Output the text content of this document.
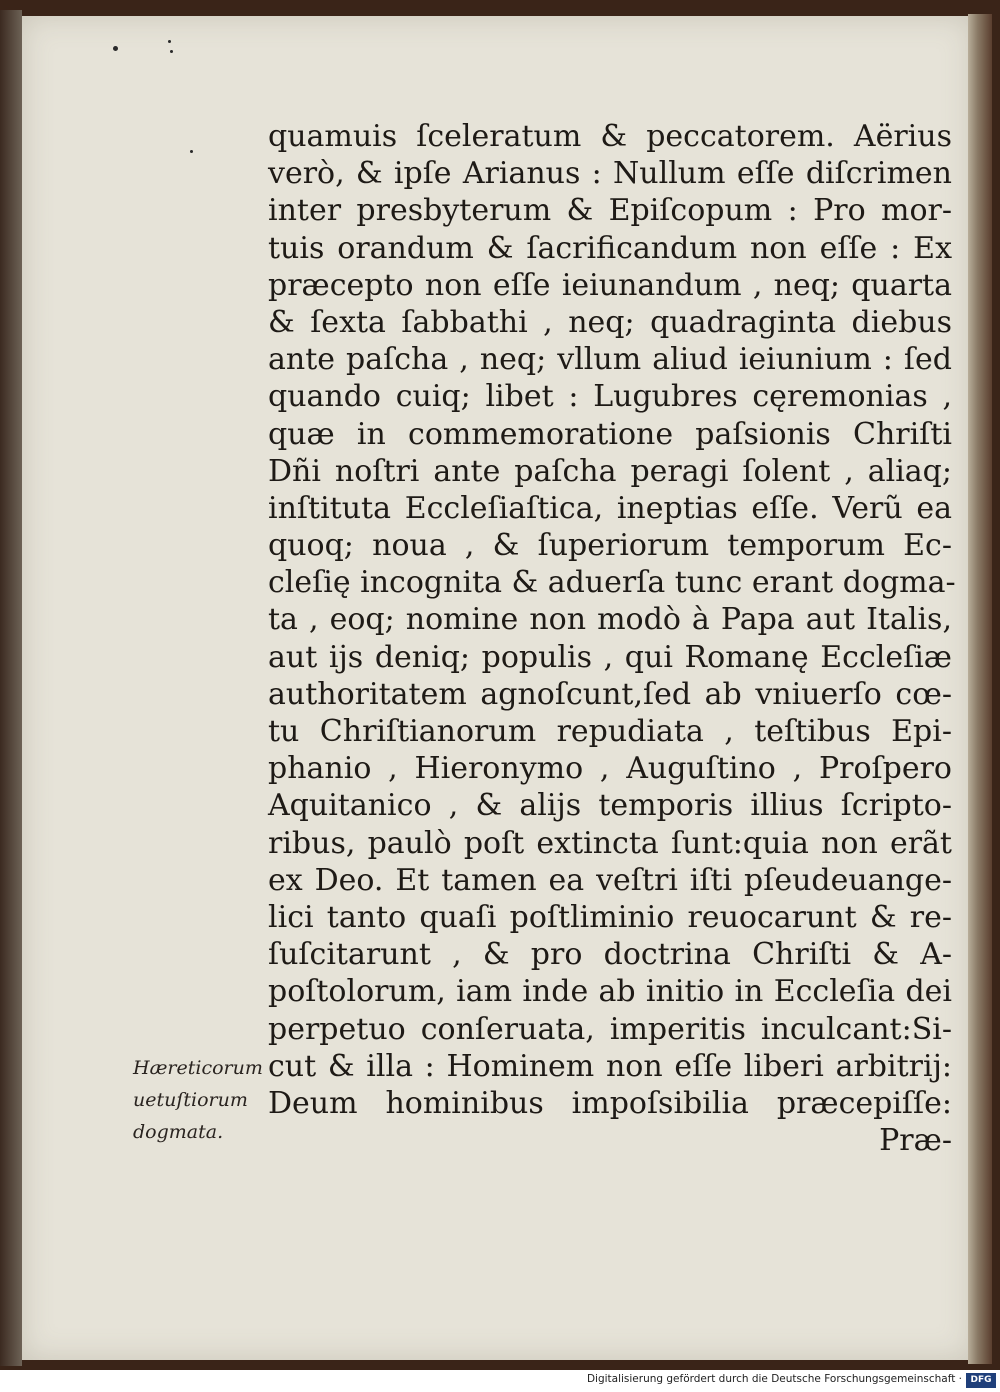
quamuis ſceleratum & peccatorem. Aërius
verò, & ipſe Arianus : Nullum eſſe diſcrimen
inter presbyterum & Epiſcopum : Pro mor-
tuis orandum & ſacrificandum non eſſe : Ex
præcepto non eſſe ieiunandum , neq; quarta
& ſexta ſabbathi , neq; quadraginta diebus
ante paſcha , neq; vllum aliud ieiunium : ſed
quando cuiq; libet : Lugubres cęremonias ,
quæ in commemoratione paſsionis Chriſti
Dñi noſtri ante paſcha peragi ſolent , aliaq;
inſtituta Eccleſiaſtica, ineptias eſſe. Verũ ea
quoq; noua , & ſuperiorum temporum Ec-
cleſię incognita & aduerſa tunc erant dogma-
ta , eoq; nomine non modò à Papa aut Italis,
aut ijs deniq; populis , qui Romanę Eccleſiæ
authoritatem agnoſcunt,ſed ab vniuerſo cœ-
tu Chriſtianorum repudiata , teſtibus Epi-
phanio , Hieronymo , Auguſtino , Proſpero
Aquitanico , & alijs temporis illius ſcripto-
ribus, paulò poſt extincta ſunt:quia non erãt
ex Deo. Et tamen ea veſtri iſti pſeudeuange-
lici tanto quaſi poſtliminio reuocarunt & re-
ſuſcitarunt , & pro doctrina Chriſti & A-
poſtolorum, iam inde ab initio in Eccleſia dei
perpetuo conſeruata, imperitis inculcant:Si-
cut & illa : Hominem non eſſe liberi arbitrij:
Deum hominibus impoſsibilia præcepiſſe:
Præ-
Hæreticorum
uetuſtiorum
dogmata.
Digitalisierung gefördert durch die Deutsche Forschungsgemeinschaft · DFG
